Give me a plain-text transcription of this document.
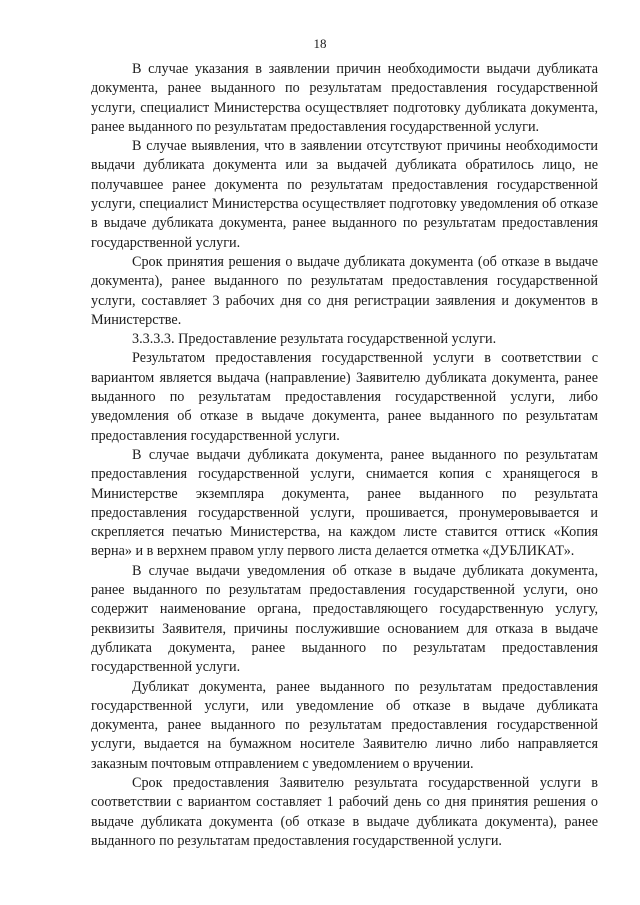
18

В случае указания в заявлении причин необходимости выдачи дубликата документа, ранее выданного по результатам предоставления государственной услуги, специалист Министерства осуществляет подготовку дубликата документа, ранее выданного по результатам предоставления государственной услуги.

В случае выявления, что в заявлении отсутствуют причины необходимости выдачи дубликата документа или за выдачей дубликата обратилось лицо, не получавшее ранее документа по результатам предоставления государственной услуги, специалист Министерства осуществляет подготовку уведомления об отказе в выдаче дубликата документа, ранее выданного по результатам предоставления государственной услуги.

Срок принятия решения о выдаче дубликата документа (об отказе в выдаче документа), ранее выданного по результатам предоставления государственной услуги, составляет 3 рабочих дня со дня регистрации заявления и документов в Министерстве.

3.3.3.3. Предоставление результата государственной услуги.

Результатом предоставления государственной услуги в соответствии с вариантом является выдача (направление) Заявителю дубликата документа, ранее выданного по результатам предоставления государственной услуги, либо уведомления об отказе в выдаче документа, ранее выданного по результатам предоставления государственной услуги.

В случае выдачи дубликата документа, ранее выданного по результатам предоставления государственной услуги, снимается копия с хранящегося в Министерстве экземпляра документа, ранее выданного по результата предоставления государственной услуги, прошивается, пронумеровывается и скрепляется печатью Министерства, на каждом листе ставится оттиск «Копия верна» и в верхнем правом углу первого листа делается отметка «ДУБЛИКАТ».

В случае выдачи уведомления об отказе в выдаче дубликата документа, ранее выданного по результатам предоставления государственной услуги, оно содержит наименование органа, предоставляющего государственную услугу, реквизиты Заявителя, причины послужившие основанием для отказа в выдаче дубликата документа, ранее выданного по результатам предоставления государственной услуги.

Дубликат документа, ранее выданного по результатам предоставления государственной услуги, или уведомление об отказе в выдаче дубликата документа, ранее выданного по результатам предоставления государственной услуги, выдается на бумажном носителе Заявителю лично либо направляется заказным почтовым отправлением с уведомлением о вручении.

Срок предоставления Заявителю результата государственной услуги в соответствии с вариантом составляет 1 рабочий день со дня принятия решения о выдаче дубликата документа (об отказе в выдаче дубликата документа), ранее выданного по результатам предоставления государственной услуги.
